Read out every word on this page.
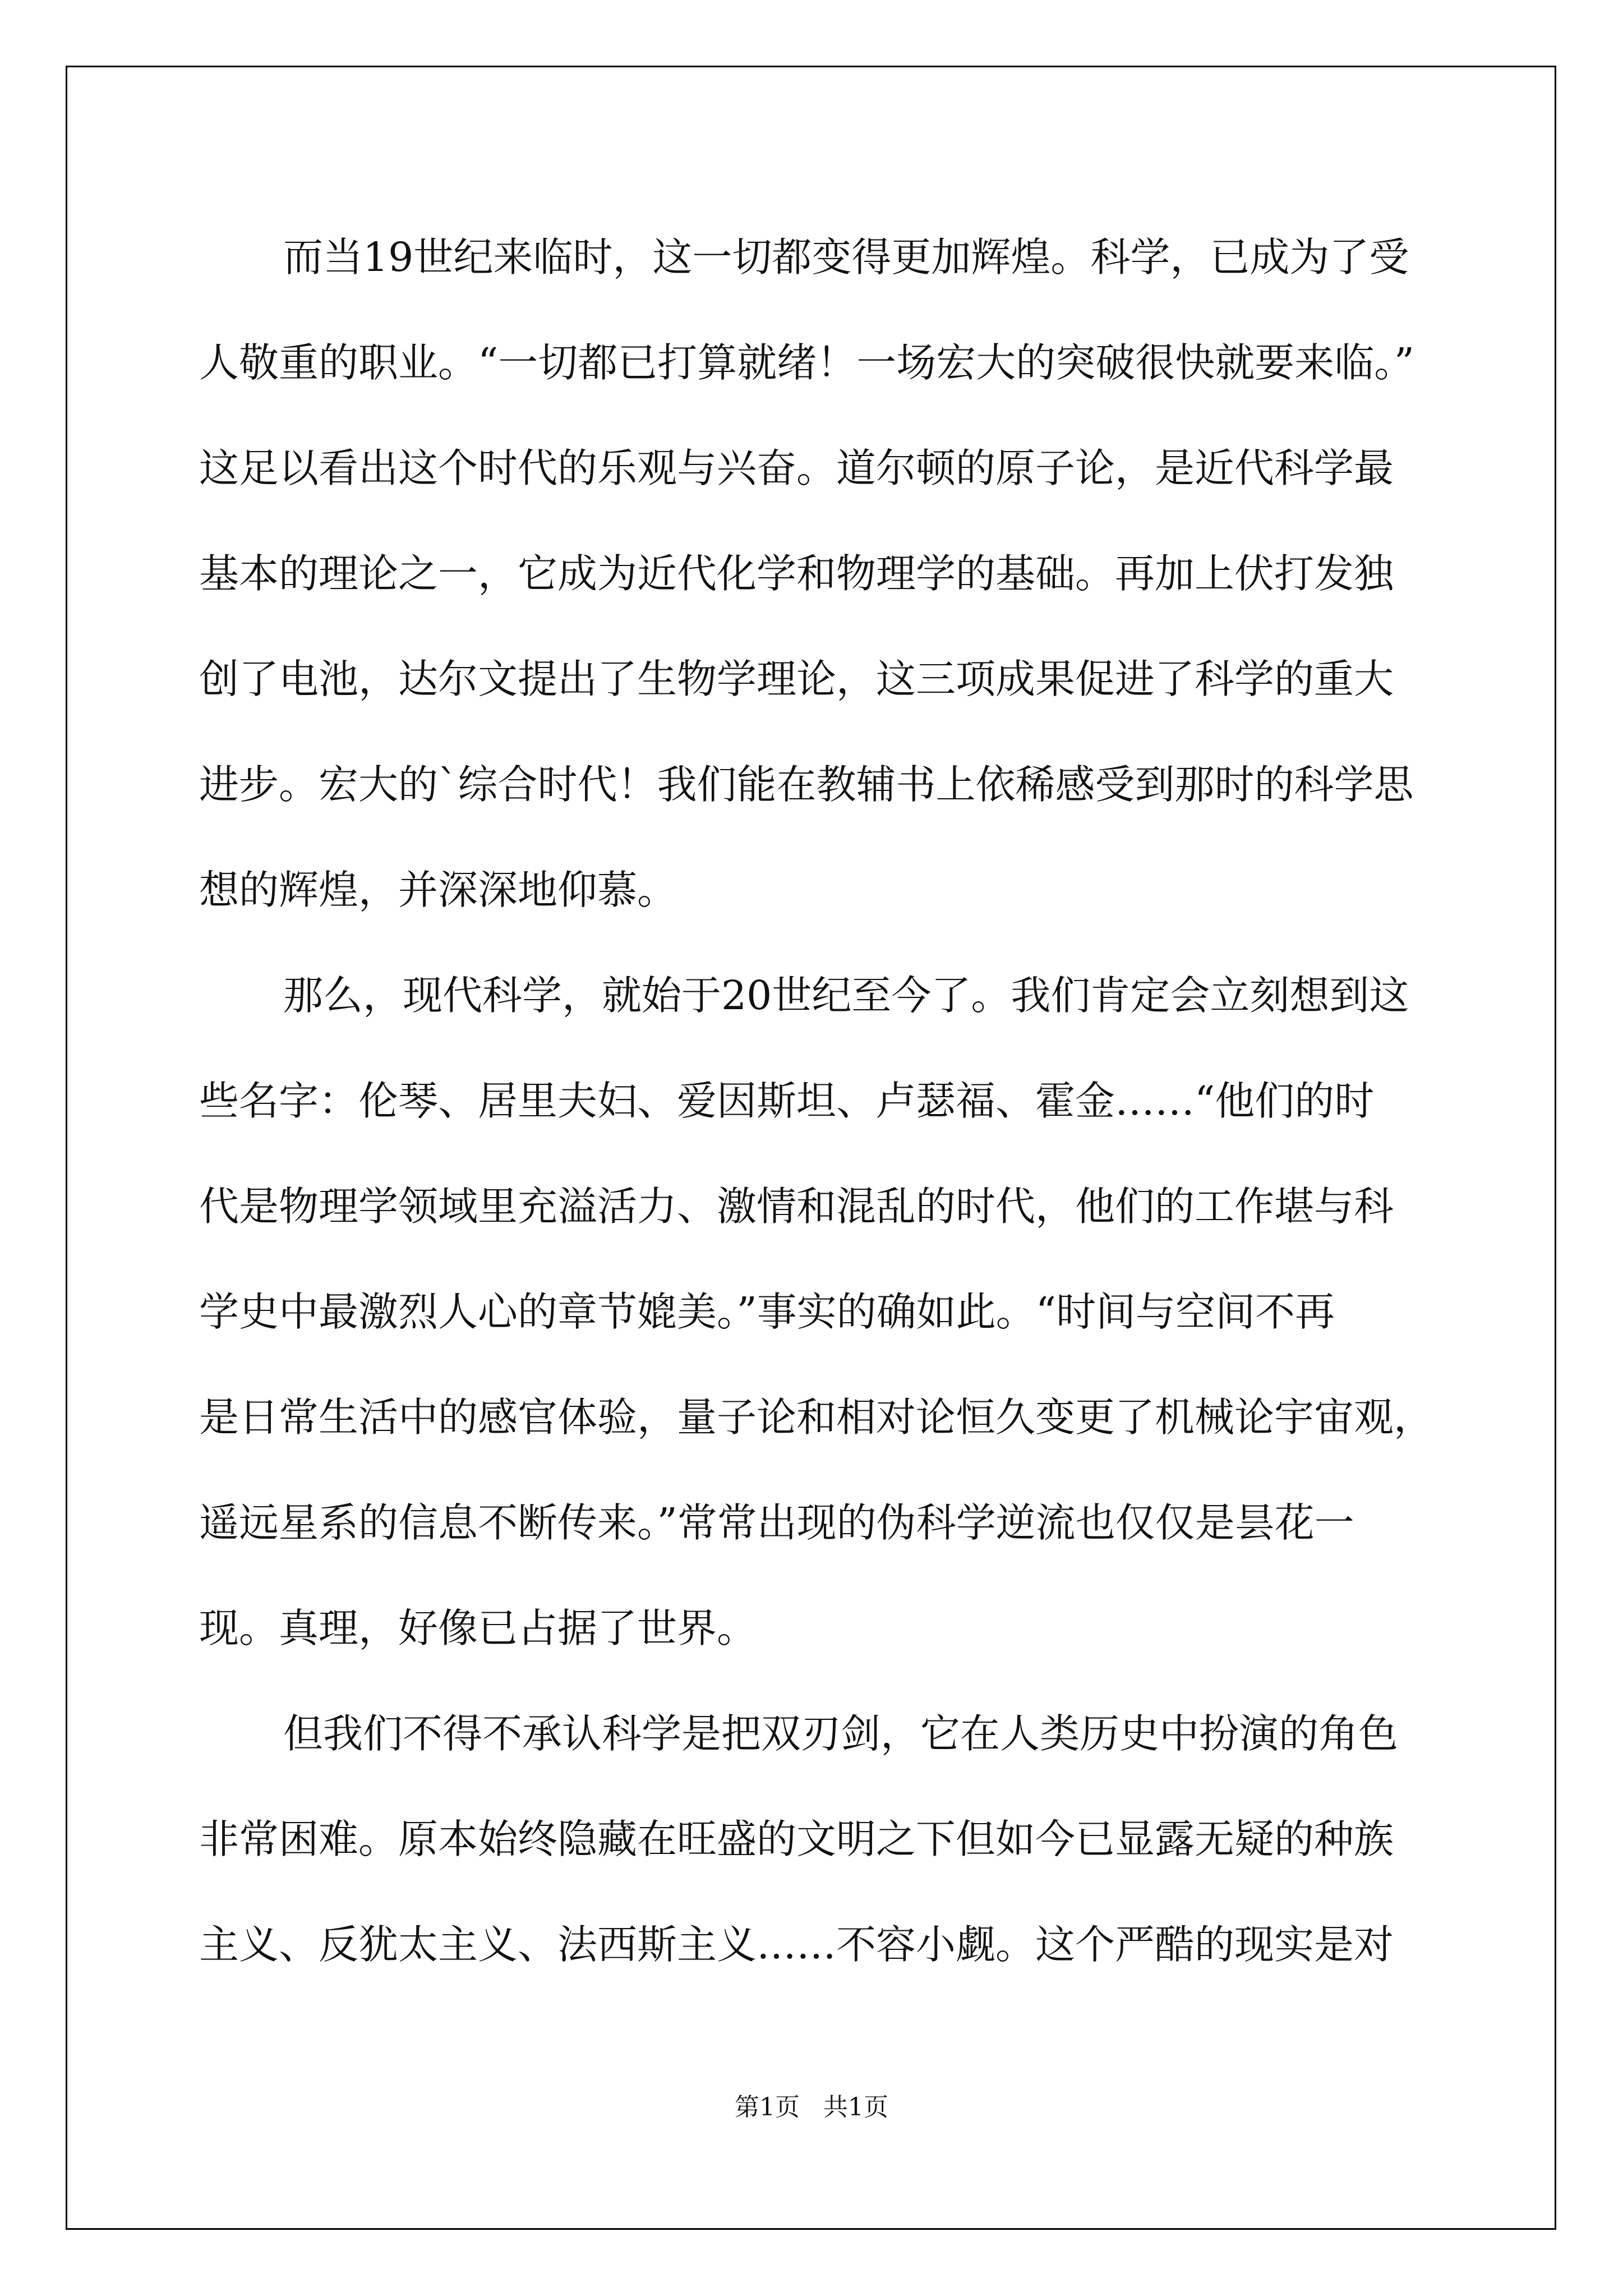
而当19世纪来临时，这一切都变得更加辉煌。科学，已成为了受
人敬重的职业。“一切都已打算就绪！一场宏大的突破很快就要来临。”
这足以看出这个时代的乐观与兴奋。道尔顿的原子论，是近代科学最
基本的理论之一，它成为近代化学和物理学的基础。再加上伏打发独
创了电池，达尔文提出了生物学理论，这三项成果促进了科学的重大
进步。宏大的`综合时代！我们能在教辅书上依稀感受到那时的科学思
想的辉煌，并深深地仰慕。
那么，现代科学，就始于20世纪至今了。我们肯定会立刻想到这
些名字：伦琴、居里夫妇、爱因斯坦、卢瑟福、霍金……“他们的时
代是物理学领域里充溢活力、激情和混乱的时代，他们的工作堪与科
学史中最激烈人心的章节媲美。”事实的确如此。“时间与空间不再
是日常生活中的感官体验，量子论和相对论恒久变更了机械论宇宙观，
遥远星系的信息不断传来。”常常出现的伪科学逆流也仅仅是昙花一
现。真理，好像已占据了世界。
但我们不得不承认科学是把双刃剑，它在人类历史中扮演的角色
非常困难。原本始终隐藏在旺盛的文明之下但如今已显露无疑的种族
主义、反犹太主义、法西斯主义……不容小觑。这个严酷的现实是对
第1页 共1页
